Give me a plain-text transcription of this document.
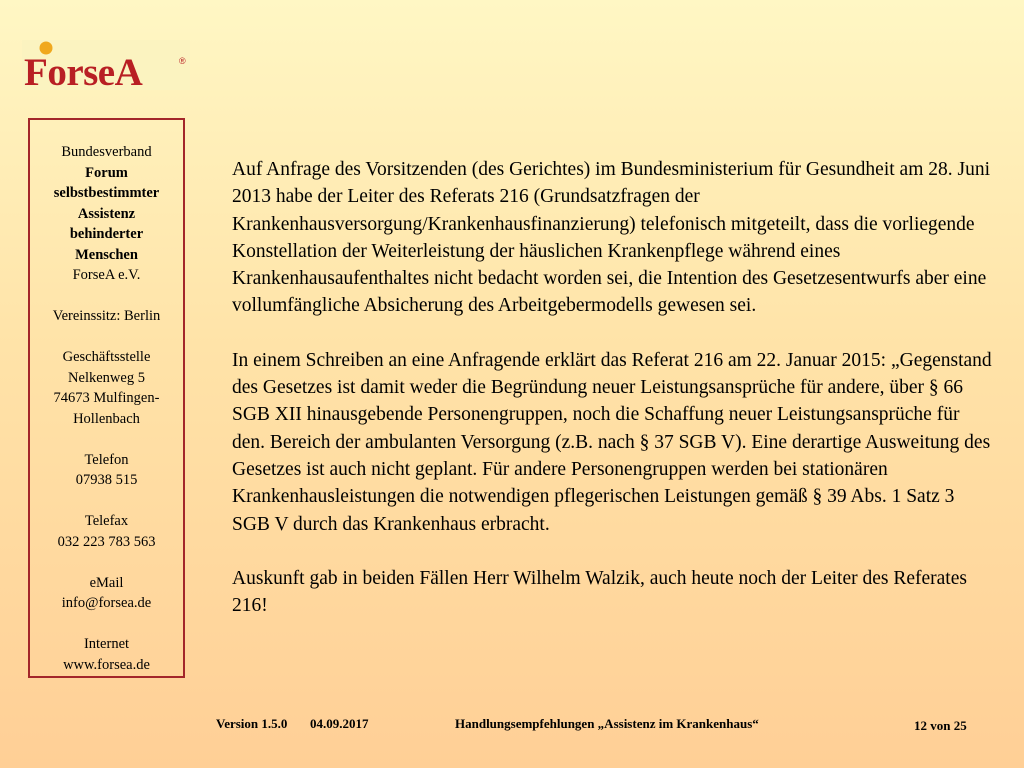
ForseA	®
Bundesverband
Forum
selbstbestimmter
Assistenz
behinderter
Menschen
ForseA e.V.
Vereinssitz: Berlin
Geschäftsstelle
Nelkenweg 5
74673 Mulfingen-
Hollenbach
Telefon
07938 515
Telefax
032 223 783 563
eMail
info@forsea.de
Internet
www.forsea.de

Auf Anfrage des Vorsitzenden (des Gerichtes) im Bundesministerium für Gesundheit am 28. Juni 2013 habe der Leiter des Referats 216 (Grundsatzfragen der Krankenhausversorgung/Krankenhausfinanzierung) telefonisch mitgeteilt, dass die vorliegende Konstellation der Weiterleistung der häuslichen Krankenpflege während eines Krankenhausaufenthaltes nicht bedacht worden sei, die Intention des Gesetzesentwurfs aber eine vollumfängliche Absicherung des Arbeitgebermodells gewesen sei.

In einem Schreiben an eine Anfragende erklärt das Referat 216 am 22. Januar 2015: „Gegenstand des Gesetzes ist damit weder die Begründung neuer Leistungsansprüche für andere, über § 66 SGB XII hinausgebende Personengruppen, noch die Schaffung neuer Leistungsansprüche für den. Bereich der ambulanten Versorgung (z.B. nach § 37 SGB V). Eine derartige Ausweitung des Gesetzes ist auch nicht geplant. Für andere Personengruppen werden bei stationären Krankenhausleistungen die notwendigen pflegerischen Leistungen gemäß § 39 Abs. 1 Satz 3 SGB V durch das Krankenhaus erbracht.

Auskunft gab in beiden Fällen Herr Wilhelm Walzik, auch heute noch der Leiter des Referates 216!

Version 1.5.0 04.09.2017	Handlungsempfehlungen „Assistenz im Krankenhaus“	12 von 25
